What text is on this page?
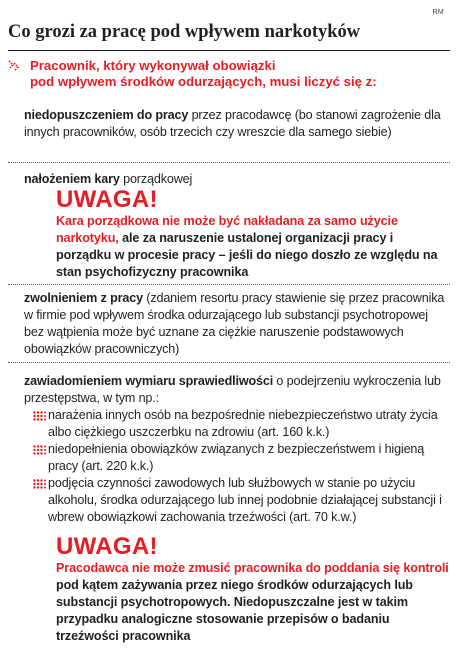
RM
Co grozi za pracę pod wpływem narkotyków
Pracownik, który wykonywał obowiązki
pod wpływem środków odurzających, musi liczyć się z:
niedopuszczeniem do pracy przez pracodawcę (bo stanowi zagrożenie dla innych pracowników, osób trzecich czy wreszcie dla samego siebie)
nałożeniem kary porządkowej
UWAGA!
Kara porządkowa nie może być nakładana za samo użycie narkotyku, ale za naruszenie ustalonej organizacji pracy i porządku w procesie pracy – jeśli do niego doszło ze względu na stan psychofizyczny pracownika
zwolnieniem z pracy (zdaniem resortu pracy stawienie się przez pracownika w firmie pod wpływem środka odurzającego lub substancji psychotropowej bez wątpienia może być uznane za ciężkie naruszenie podstawowych obowiązków pracowniczych)
zawiadomieniem wymiaru sprawiedliwości o podejrzeniu wykroczenia lub przestępstwa, w tym np.:
narażenia innych osób na bezpośrednie niebezpieczeństwo utraty życia albo ciężkiego uszczerbku na zdrowiu (art. 160 k.k.)
niedopełnienia obowiązków związanych z bezpieczeństwem i higieną pracy (art. 220 k.k.)
podjęcia czynności zawodowych lub służbowych w stanie po użyciu alkoholu, środka odurzającego lub innej podobnie działającej substancji i wbrew obowiązkowi zachowania trzeźwości (art. 70 k.w.)
UWAGA!
Pracodawca nie może zmusić pracownika do poddania się kontroli pod kątem zażywania przez niego środków odurzających lub substancji psychotropowych. Niedopuszczalne jest w takim przypadku analogiczne stosowanie przepisów o badaniu trzeźwości pracownika
